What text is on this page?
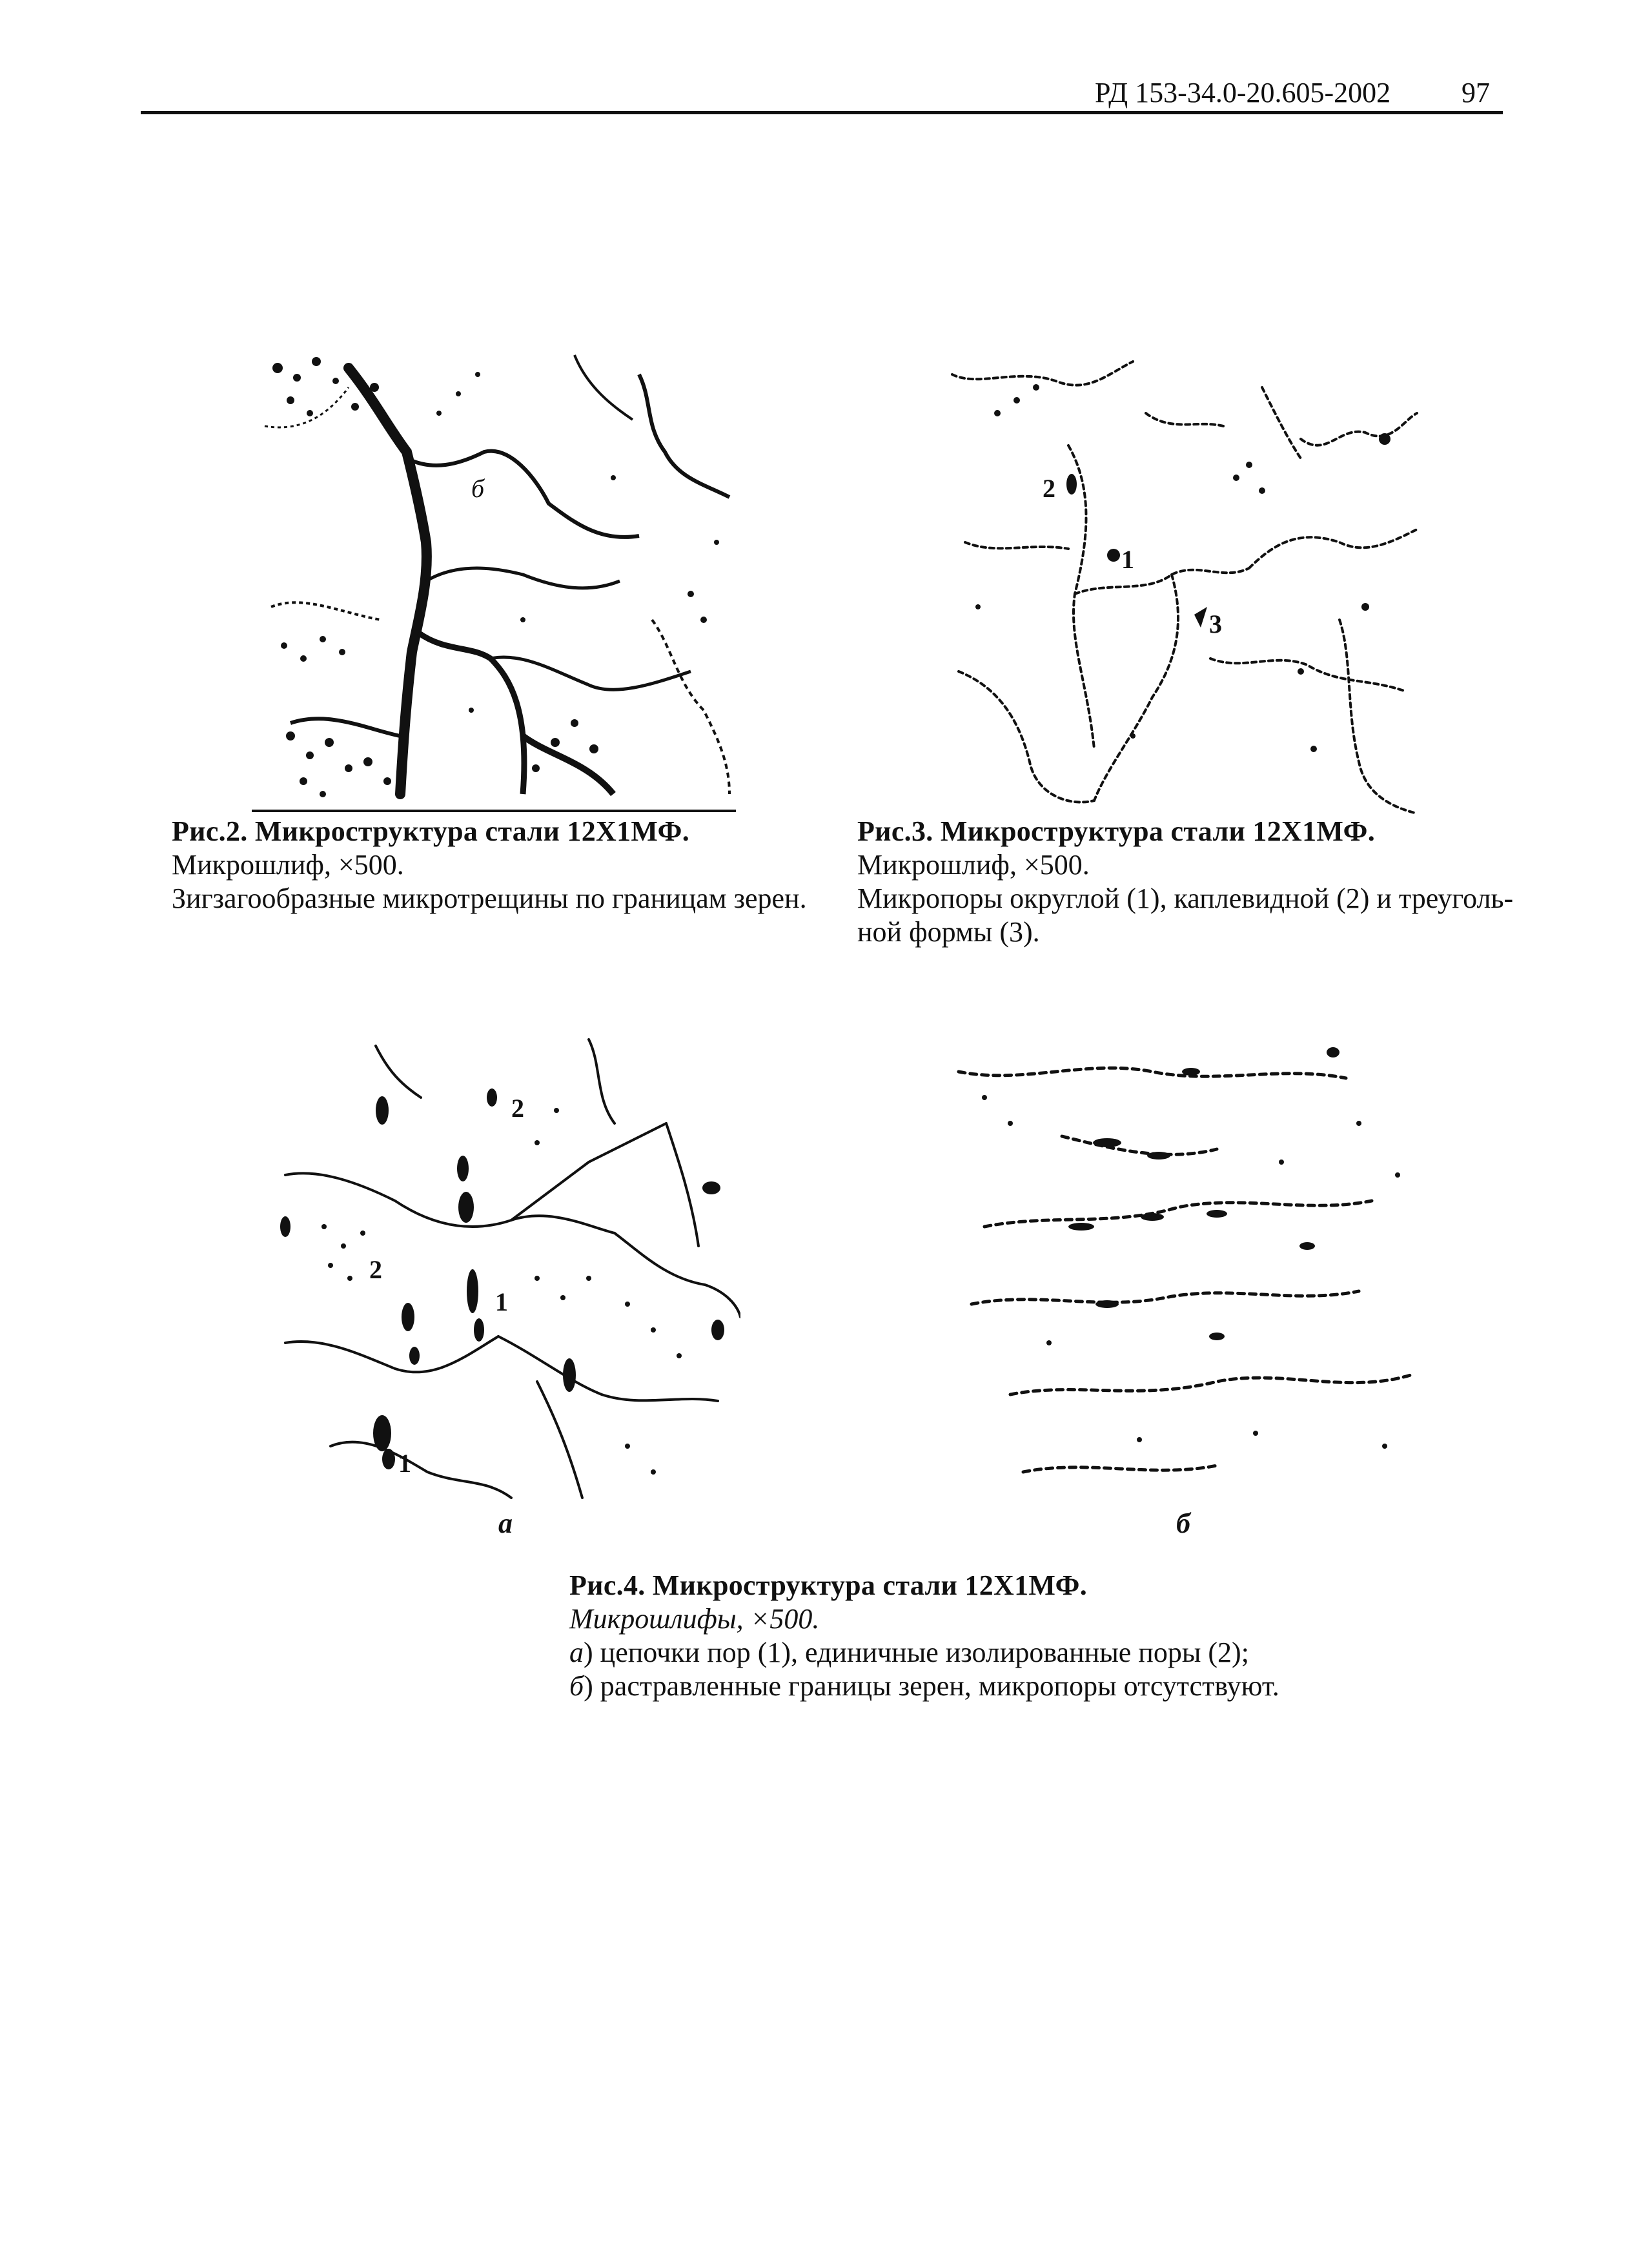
РД 153-34.0-20.605-2002 97
б	2
1
3

Рис.2. Микроструктура стали 12Х1МФ.

Микрошлиф, ×500.

Зигзагообразные микротрещины по границам зерен.

Рис.3. Микроструктура стали 12Х1МФ.

Микрошлиф, ×500.

Микропоры округлой (1), каплевидной (2) и треуголь-

ной формы (3).

2
2
1
1
а	б

Рис.4. Микроструктура стали 12Х1МФ.

Микрошлифы, ×500.

а) цепочки пор (1), единичные изолированные поры (2);

б) растравленные границы зерен, микропоры отсутствуют.
